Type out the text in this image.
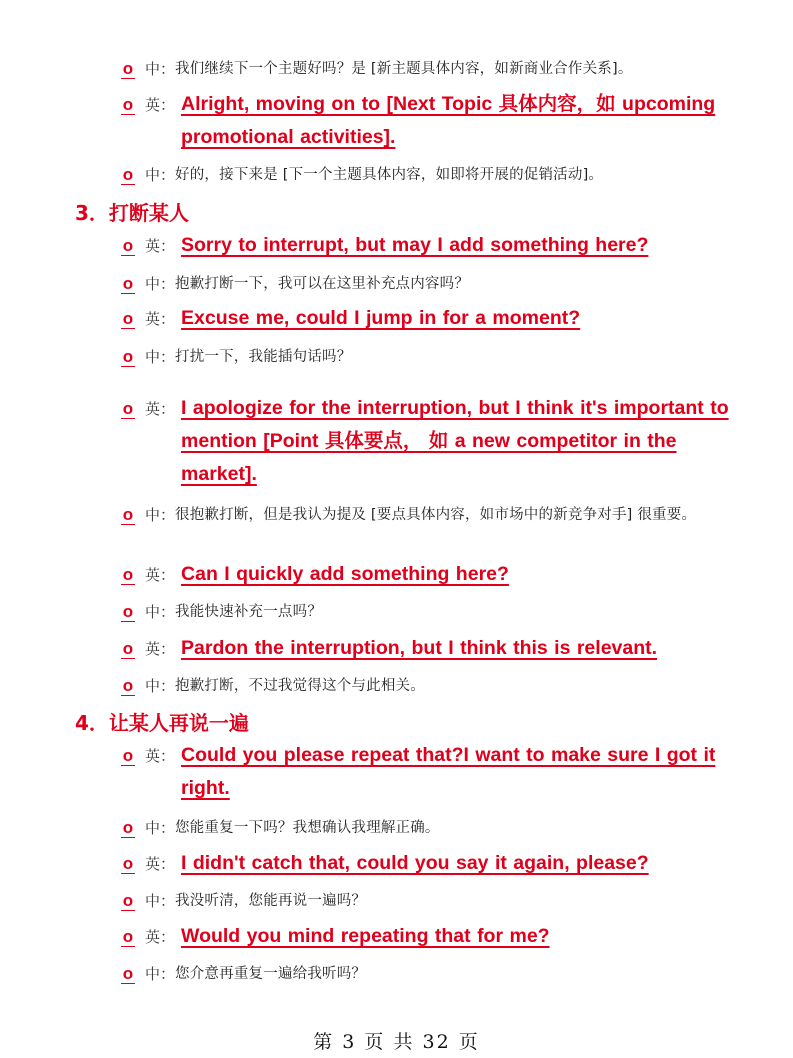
o 中： 我们继续下一个主题好吗？是 [新主题具体内容，如新商业合作关系]。
o 英： Alright, moving on to [Next Topic 具体内容，如 upcoming promotional activities].
o 中： 好的，接下来是 [下一个主题具体内容，如即将开展的促销活动]。
3．打断某人
o 英： Sorry to interrupt, but may I add something here?
o 中： 抱歉打断一下，我可以在这里补充点内容吗？
o 英： Excuse me, could I jump in for a moment?
o 中： 打扰一下，我能插句话吗？
o 英： I apologize for the interruption, but I think it's important to mention [Point 具体要点， 如 a new competitor in the market].
o 中： 很抱歉打断，但是我认为提及 [要点具体内容，如市场中的新竞争对手] 很重要。
o 英： Can I quickly add something here?
o 中： 我能快速补充一点吗？
o 英： Pardon the interruption, but I think this is relevant.
o 中： 抱歉打断，不过我觉得这个与此相关。
4．让某人再说一遍
o 英： Could you please repeat that?I want to make sure I got it right.
o 中： 您能重复一下吗？我想确认我理解正确。
o 英： I didn't catch that, could you say it again, please?
o 中： 我没听清，您能再说一遍吗？
o 英： Would you mind repeating that for me?
o 中： 您介意再重复一遍给我听吗？
第 3 页 共 32 页
